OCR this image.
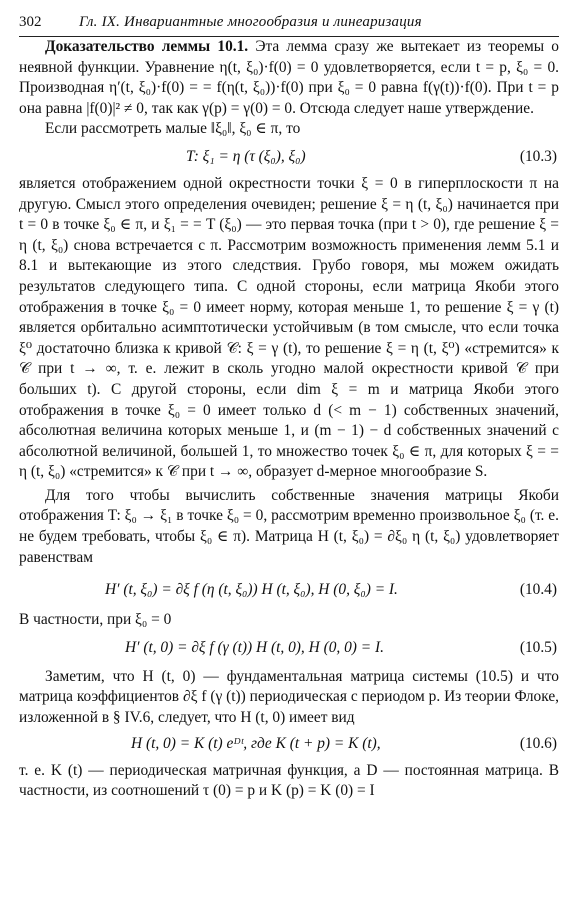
302	Гл. IX. Инвариантные многообразия и линеаризация

Доказательство леммы 10.1. Эта лемма сразу же вытекает из теоремы о неявной функции. Уравнение η(t, ξ₀)·f(0) = 0 удовлетворяется, если t = p, ξ₀ = 0. Производная η′(t, ξ₀)·f(0) = = f(η(t, ξ₀))·f(0) при ξ₀ = 0 равна f(γ(t))·f(0). При t = p она равна |f(0)|² ≠ 0, так как γ(p) = γ(0) = 0. Отсюда следует наше утверждение.

Если рассмотреть малые ‖ξ₀‖, ξ₀ ∈ π, то

T: ξ₁ = η (τ (ξ₀), ξ₀)	(10.3)

является отображением одной окрестности точки ξ = 0 в гиперплоскости π на другую. Смысл этого определения очевиден; решение ξ = η (t, ξ₀) начинается при t = 0 в точке ξ₀ ∈ π, и ξ₁ = = T (ξ₀) — это первая точка (при t > 0), где решение ξ = η (t, ξ₀) снова встречается с π. Рассмотрим возможность применения лемм 5.1 и 8.1 и вытекающие из этого следствия. Грубо говоря, мы можем ожидать результатов следующего типа. С одной стороны, если матрица Якоби этого отображения в точке ξ₀ = 0 имеет норму, которая меньше 1, то решение ξ = γ (t) является орбитально асимптотически устойчивым (в том смысле, что если точка ξ⁰ достаточно близка к кривой 𝒞: ξ = γ (t), то решение ξ = η (t, ξ⁰) «стремится» к 𝒞 при t → ∞, т. е. лежит в сколь угодно малой окрестности кривой 𝒞 при больших t). С другой стороны, если dim ξ = m и матрица Якоби этого отображения в точке ξ₀ = 0 имеет только d (< m − 1) собственных значений, абсолютная величина которых меньше 1, и (m − 1) − d собственных значений с абсолютной величиной, большей 1, то множество точек ξ₀ ∈ π, для которых ξ = = η (t, ξ₀) «стремится» к 𝒞 при t → ∞, образует d-мерное многообразие S.

Для того чтобы вычислить собственные значения матрицы Якоби отображения T: ξ₀ → ξ₁ в точке ξ₀ = 0, рассмотрим временно произвольное ξ₀ (т. е. не будем требовать, чтобы ξ₀ ∈ π). Матрица H (t, ξ₀) = ∂ξ₀ η (t, ξ₀) удовлетворяет равенствам

H′ (t, ξ₀) = ∂ξ f (η (t, ξ₀)) H (t, ξ₀), H (0, ξ₀) = I.	(10.4)

В частности, при ξ₀ = 0

H′ (t, 0) = ∂ξ f (γ (t)) H (t, 0), H (0, 0) = I.	(10.5)

Заметим, что H (t, 0) — фундаментальная матрица системы (10.5) и что матрица коэффициентов ∂ξ f (γ (t)) периодическая с периодом p. Из теории Флоке, изложенной в § IV.6, следует, что H (t, 0) имеет вид

H (t, 0) = K (t) eᴰᵗ, где K (t + p) = K (t),	(10.6)

т. е. K (t) — периодическая матричная функция, а D — постоянная матрица. В частности, из соотношений τ (0) = p и K (p) = K (0) = I
